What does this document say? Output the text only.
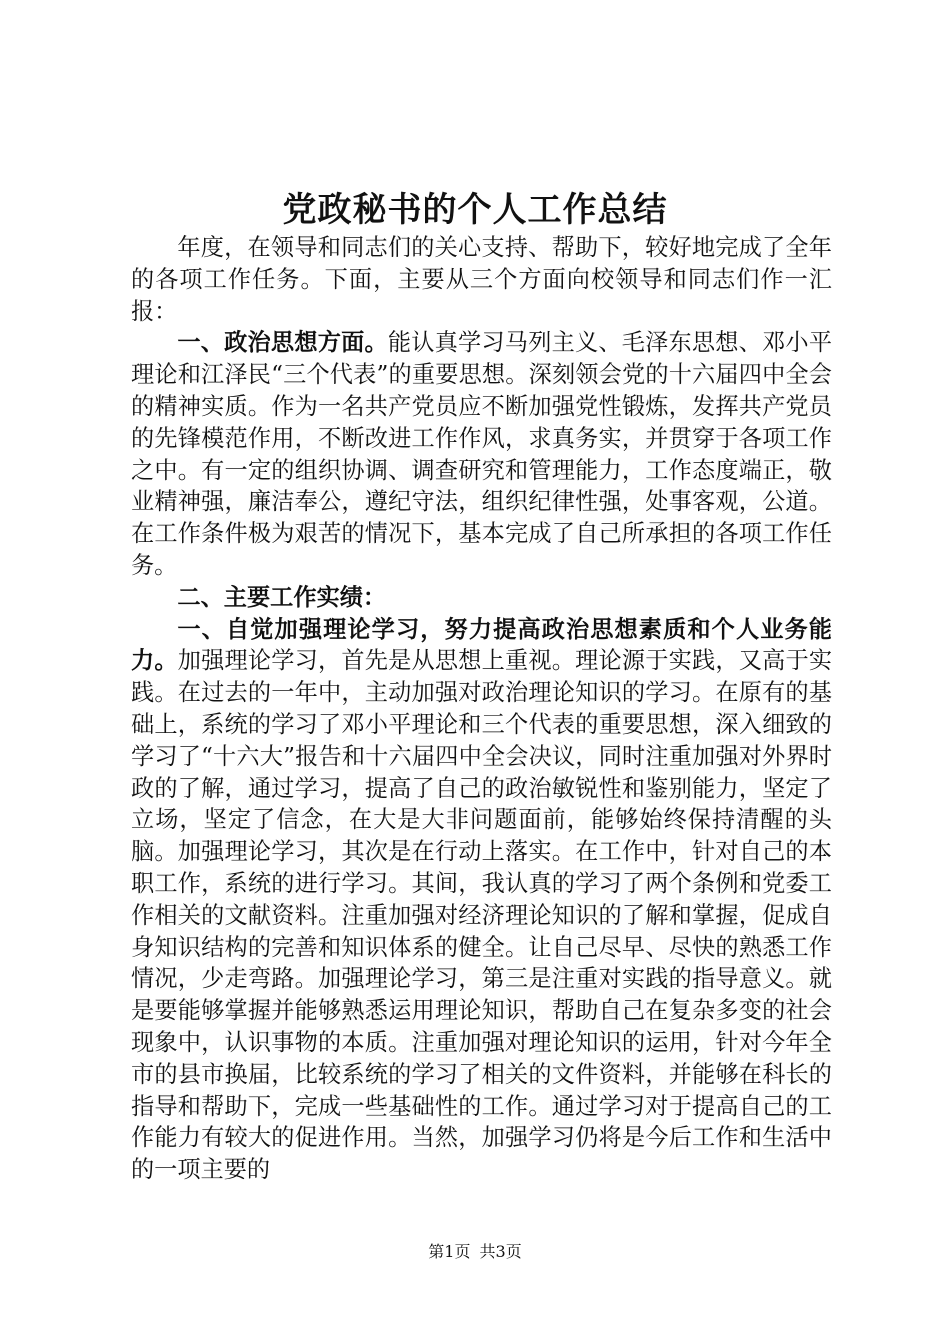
党政秘书的个人工作总结

年度，在领导和同志们的关心支持、帮助下，较好地完成了全年的各项工作任务。下面，主要从三个方面向校领导和同志们作一汇报：

一、政治思想方面。能认真学习马列主义、毛泽东思想、邓小平理论和江泽民“三个代表”的重要思想。深刻领会党的十六届四中全会的精神实质。作为一名共产党员应不断加强党性锻炼，发挥共产党员的先锋模范作用，不断改进工作作风，求真务实，并贯穿于各项工作之中。有一定的组织协调、调查研究和管理能力，工作态度端正，敬业精神强，廉洁奉公，遵纪守法，组织纪律性强，处事客观，公道。在工作条件极为艰苦的情况下，基本完成了自己所承担的各项工作任务。

二、主要工作实绩：

一、自觉加强理论学习，努力提高政治思想素质和个人业务能力。加强理论学习，首先是从思想上重视。理论源于实践，又高于实践。在过去的一年中，主动加强对政治理论知识的学习。在原有的基础上，系统的学习了邓小平理论和三个代表的重要思想，深入细致的学习了“十六大”报告和十六届四中全会决议，同时注重加强对外界时政的了解，通过学习，提高了自己的政治敏锐性和鉴别能力，坚定了立场，坚定了信念，在大是大非问题面前，能够始终保持清醒的头脑。加强理论学习，其次是在行动上落实。在工作中，针对自己的本职工作，系统的进行学习。其间，我认真的学习了两个条例和党委工作相关的文献资料。注重加强对经济理论知识的了解和掌握，促成自身知识结构的完善和知识体系的健全。让自己尽早、尽快的熟悉工作情况，少走弯路。加强理论学习，第三是注重对实践的指导意义。就是要能够掌握并能够熟悉运用理论知识，帮助自己在复杂多变的社会现象中，认识事物的本质。注重加强对理论知识的运用，针对今年全市的县市换届，比较系统的学习了相关的文件资料，并能够在科长的指导和帮助下，完成一些基础性的工作。通过学习对于提高自己的工作能力有较大的促进作用。当然，加强学习仍将是今后工作和生活中的一项主要的

第1页 共3页
